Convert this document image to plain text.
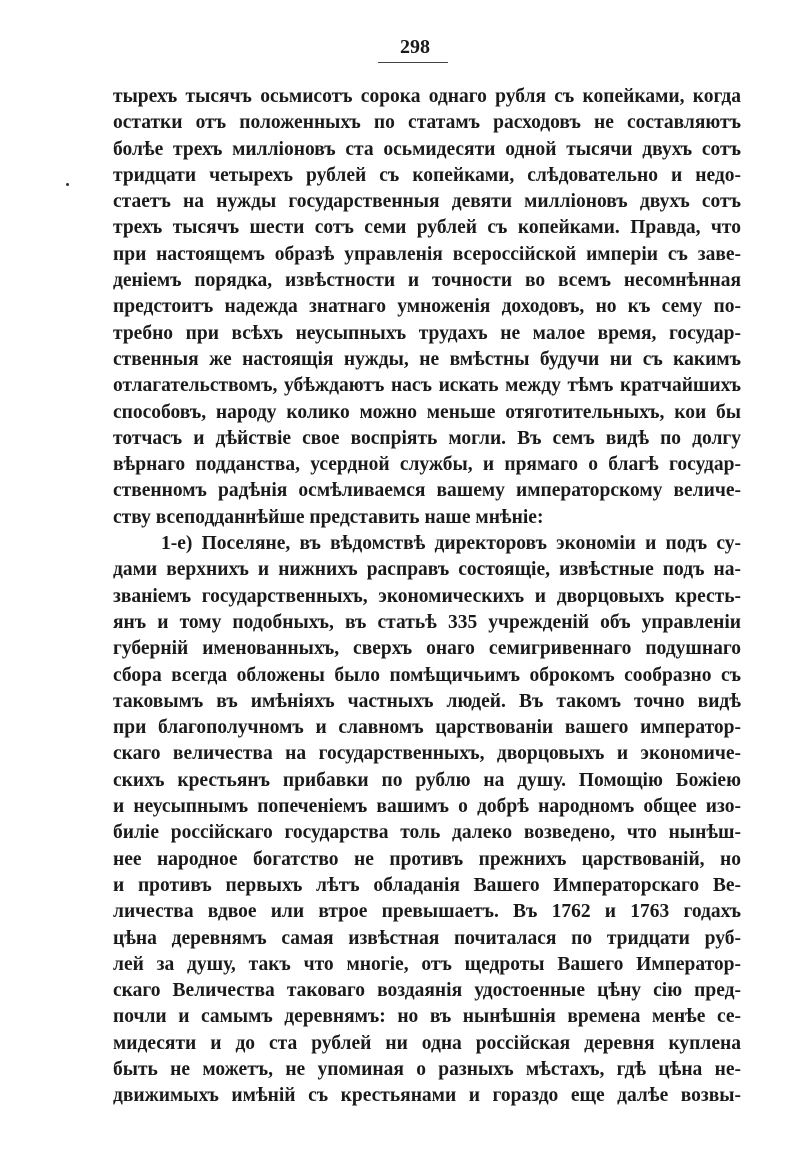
298
тырехъ тысячъ осьмисотъ сорока однаго рубля съ копейками, когда
остатки отъ положенныхъ по статамъ расходовъ не составляютъ
болѣе трехъ милліоновъ ста осьмидесяти одной тысячи двухъ сотъ
тридцати четырехъ рублей съ копейками, слѣдовательно и недо-
стаетъ на нужды государственныя девяти милліоновъ двухъ сотъ
трехъ тысячъ шести сотъ семи рублей съ копейками. Правда, что
при настоящемъ образѣ управленія всероссійской имперіи съ заве-
деніемъ порядка, извѣстности и точности во всемъ несомнѣнная
предстоитъ надежда знатнаго умноженія доходовъ, но къ сему по-
требно при всѣхъ неусыпныхъ трудахъ не малое время, государ-
ственныя же настоящія нужды, не вмѣстны будучи ни съ какимъ
отлагательствомъ, убѣждаютъ насъ искать между тѣмъ кратчайшихъ
способовъ, народу колико можно меньше отяготительныхъ, кои бы
тотчасъ и дѣйствіе свое воспріять могли. Въ семъ видѣ по долгу
вѣрнаго подданства, усердной службы, и прямаго о благѣ государ-
ственномъ радѣнія осмѣливаемся вашему императорскому величе-
ству всеподданнѣйше представить наше мнѣніе:
1-е) Поселяне, въ вѣдомствѣ директоровъ экономіи и подъ су-
дами верхнихъ и нижнихъ расправъ состоящіе, извѣстные подъ на-
званіемъ государственныхъ, экономическихъ и дворцовыхъ кресть-
янъ и тому подобныхъ, въ статьѣ 335 учрежденій объ управленіи
губерній именованныхъ, сверхъ онаго семигривеннаго подушнаго
сбора всегда обложены было помѣщичьимъ оброкомъ сообразно съ
таковымъ въ имѣніяхъ частныхъ людей. Въ такомъ точно видѣ
при благополучномъ и славномъ царствованіи вашего император-
скаго величества на государственныхъ, дворцовыхъ и экономиче-
скихъ крестьянъ прибавки по рублю на душу. Помощію Божіею
и неусыпнымъ попеченіемъ вашимъ о добрѣ народномъ общее изо-
биліе россійскаго государства толь далеко возведено, что нынѣш-
нее народное богатство не противъ прежнихъ царствованій, но
и противъ первыхъ лѣтъ обладанія Вашего Императорскаго Ве-
личества вдвое или втрое превышаетъ. Въ 1762 и 1763 годахъ
цѣна деревнямъ самая извѣстная почиталася по тридцати руб-
лей за душу, такъ что многіе, отъ щедроты Вашего Император-
скаго Величества таковаго воздаянія удостоенные цѣну сію пред-
почли и самымъ деревнямъ: но въ нынѣшнія времена менѣе се-
мидесяти и до ста рублей ни одна россійская деревня куплена
быть не можетъ, не упоминая о разныхъ мѣстахъ, гдѣ цѣна не-
движимыхъ имѣній съ крестьянами и гораздо еще далѣе возвы-
